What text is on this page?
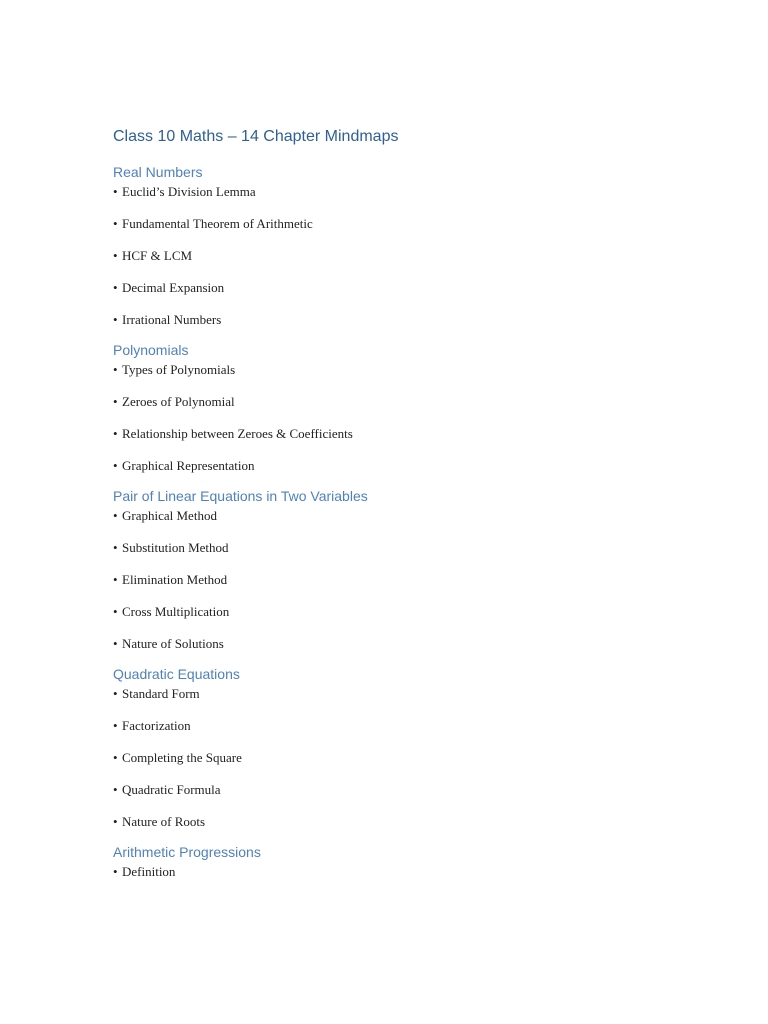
Class 10 Maths – 14 Chapter Mindmaps
Real Numbers
• Euclid’s Division Lemma
• Fundamental Theorem of Arithmetic
• HCF & LCM
• Decimal Expansion
• Irrational Numbers
Polynomials
• Types of Polynomials
• Zeroes of Polynomial
• Relationship between Zeroes & Coefficients
• Graphical Representation
Pair of Linear Equations in Two Variables
• Graphical Method
• Substitution Method
• Elimination Method
• Cross Multiplication
• Nature of Solutions
Quadratic Equations
• Standard Form
• Factorization
• Completing the Square
• Quadratic Formula
• Nature of Roots
Arithmetic Progressions
• Definition
